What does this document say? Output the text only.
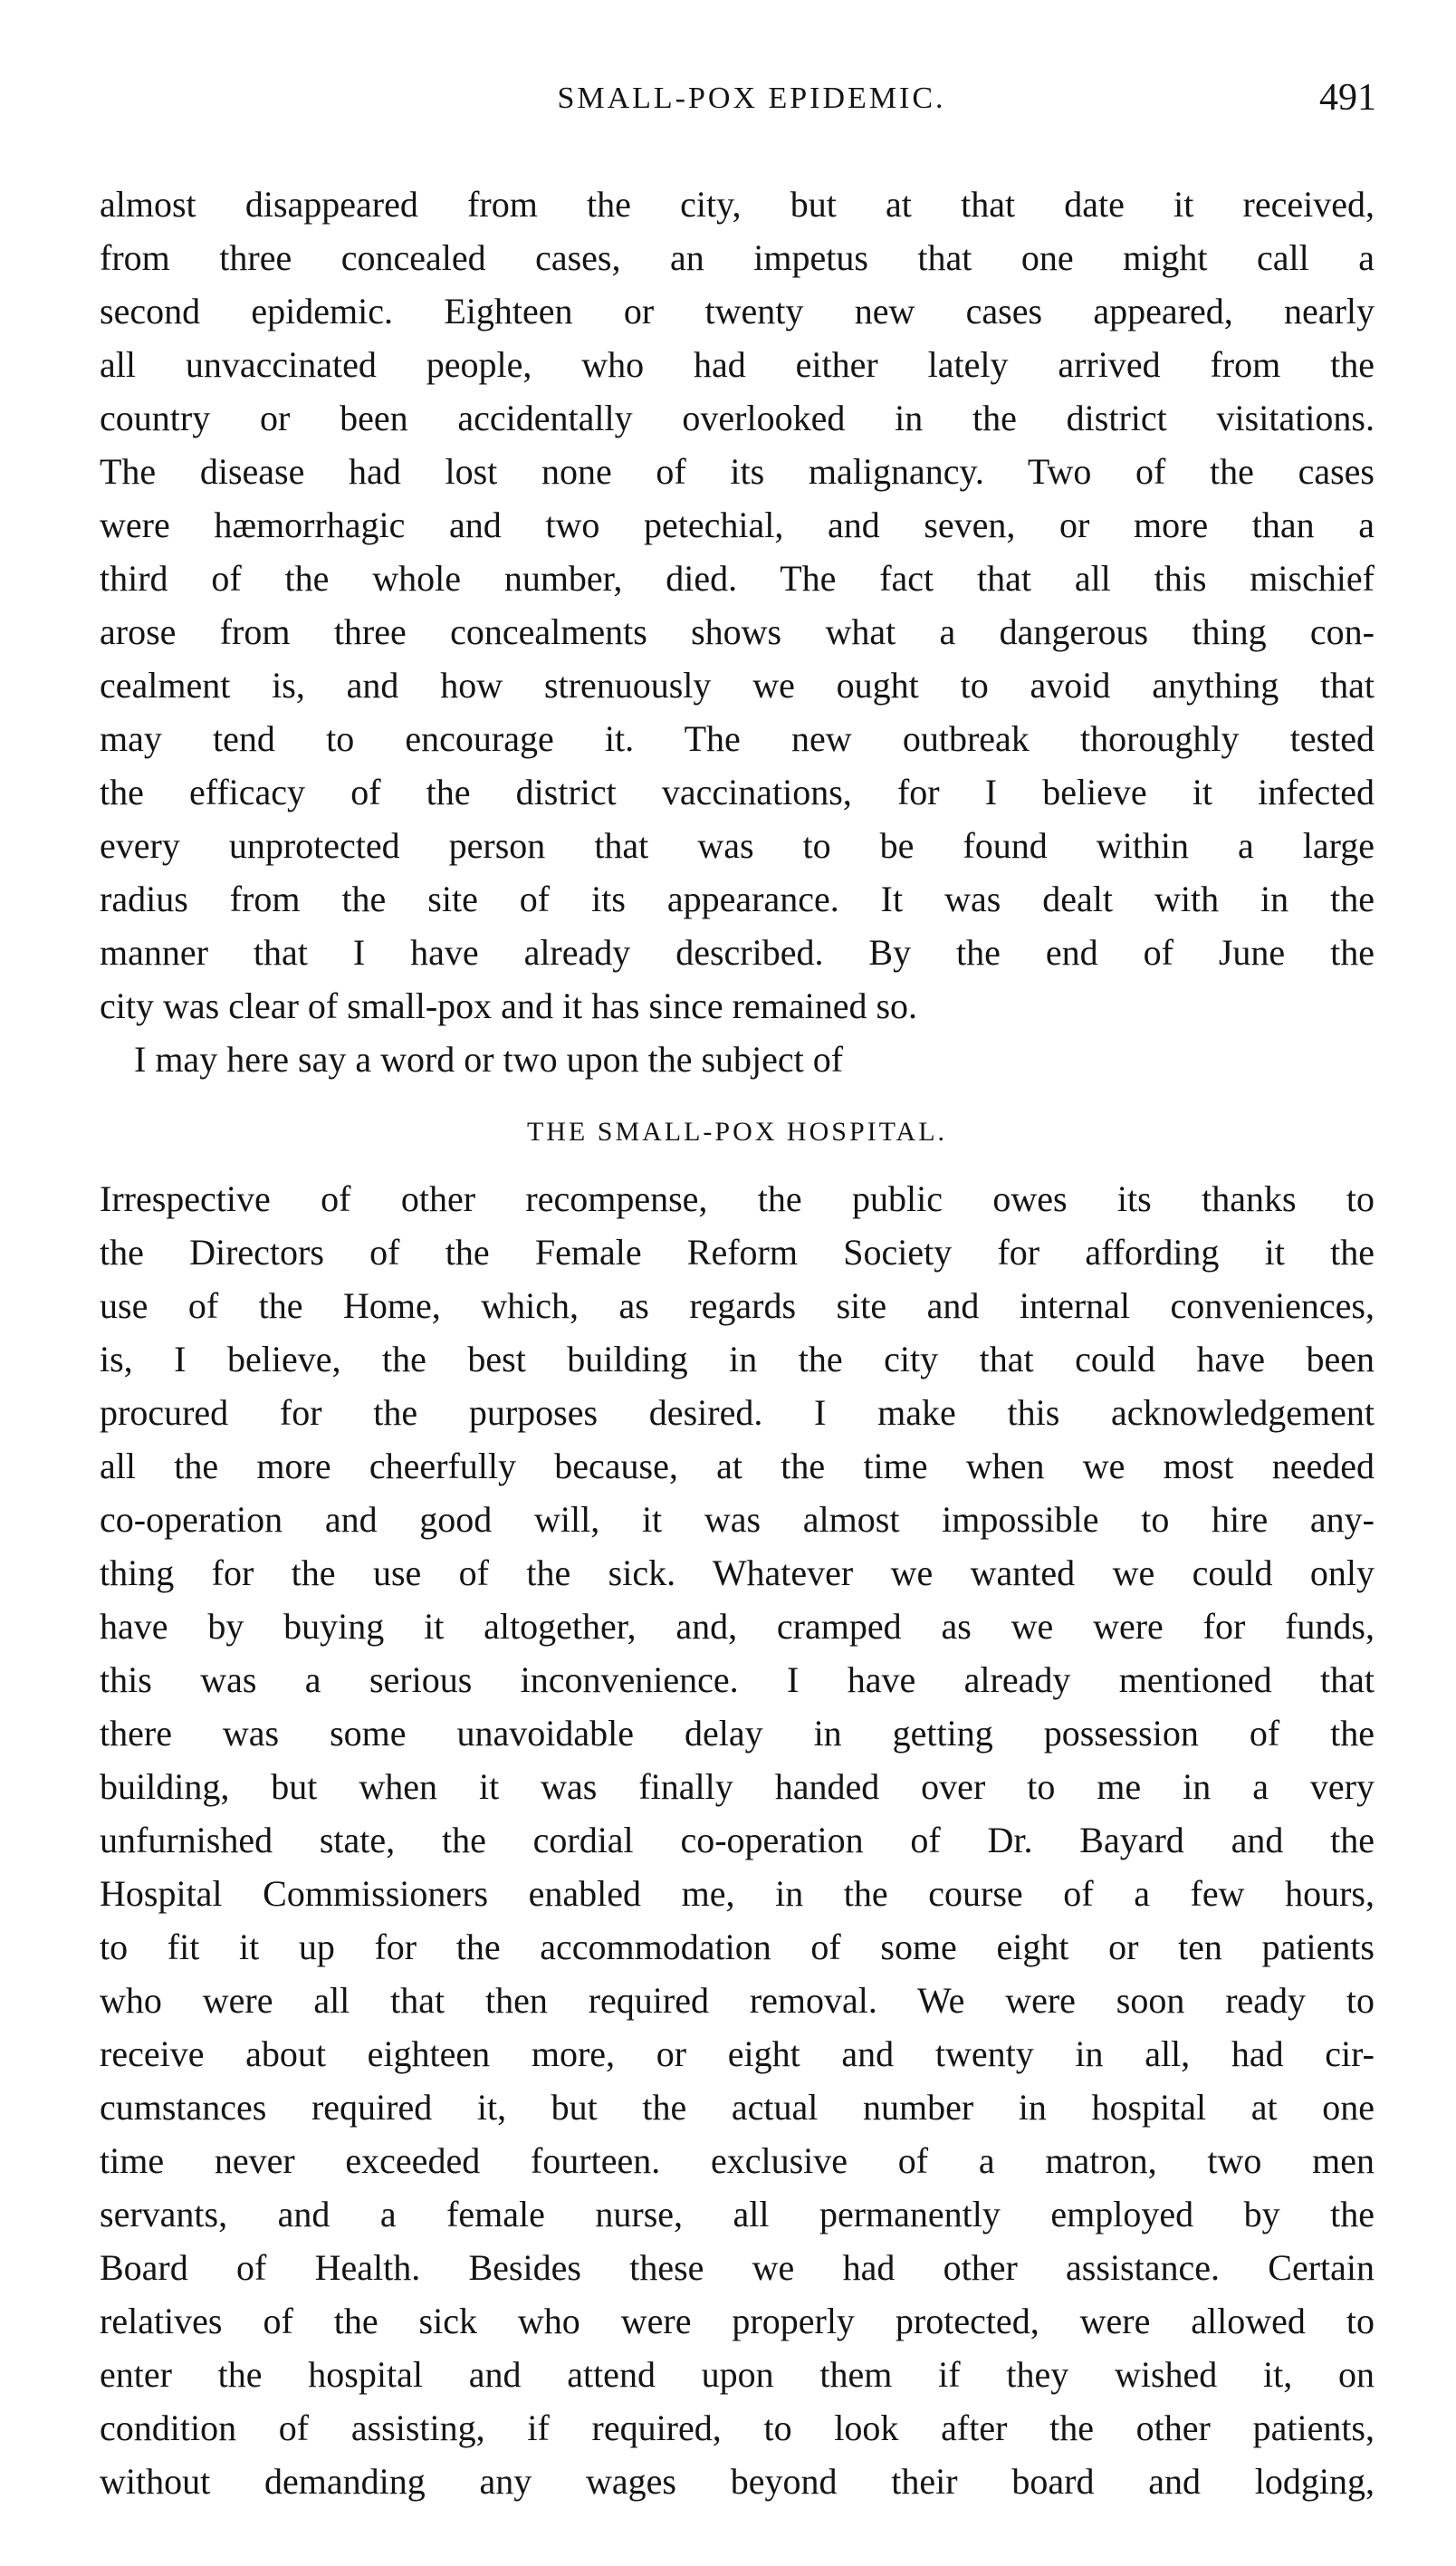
SMALL-POX EPIDEMIC.	491
almost disappeared from the city, but at that date it received,
from three concealed cases, an impetus that one might call a
second epidemic. Eighteen or twenty new cases appeared, nearly
all unvaccinated people, who had either lately arrived from the
country or been accidentally overlooked in the district visitations.
The disease had lost none of its malignancy. Two of the cases
were hæmorrhagic and two petechial, and seven, or more than a
third of the whole number, died. The fact that all this mischief
arose from three concealments shows what a dangerous thing con-
cealment is, and how strenuously we ought to avoid anything that
may tend to encourage it. The new outbreak thoroughly tested
the efficacy of the district vaccinations, for I believe it infected
every unprotected person that was to be found within a large
radius from the site of its appearance. It was dealt with in the
manner that I have already described. By the end of June the
city was clear of small-pox and it has since remained so.
I may here say a word or two upon the subject of
THE SMALL-POX HOSPITAL.
Irrespective of other recompense, the public owes its thanks to
the Directors of the Female Reform Society for affording it the
use of the Home, which, as regards site and internal conveniences,
is, I believe, the best building in the city that could have been
procured for the purposes desired. I make this acknowledgement
all the more cheerfully because, at the time when we most needed
co-operation and good will, it was almost impossible to hire any-
thing for the use of the sick. Whatever we wanted we could only
have by buying it altogether, and, cramped as we were for funds,
this was a serious inconvenience. I have already mentioned that
there was some unavoidable delay in getting possession of the
building, but when it was finally handed over to me in a very
unfurnished state, the cordial co-operation of Dr. Bayard and the
Hospital Commissioners enabled me, in the course of a few hours,
to fit it up for the accommodation of some eight or ten patients
who were all that then required removal. We were soon ready to
receive about eighteen more, or eight and twenty in all, had cir-
cumstances required it, but the actual number in hospital at one
time never exceeded fourteen. exclusive of a matron, two men
servants, and a female nurse, all permanently employed by the
Board of Health. Besides these we had other assistance. Certain
relatives of the sick who were properly protected, were allowed to
enter the hospital and attend upon them if they wished it, on
condition of assisting, if required, to look after the other patients,
without demanding any wages beyond their board and lodging,
